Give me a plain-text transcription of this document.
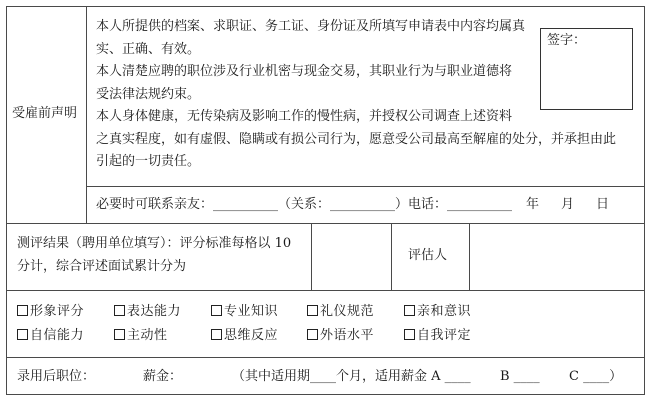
受雇前声明
本人所提供的档案、求职证、务工证、身份证及所填写申请表中内容均属真
实、正确、有效。
本人清楚应聘的职位涉及行业机密与现金交易，其职业行为与职业道德将
受法律法规约束。
本人身体健康，无传染病及影响工作的慢性病，并授权公司调查上述资料
之真实程度，如有虚假、隐瞒或有损公司行为，愿意受公司最高至解雇的处分，并承担由此
引起的一切责任。
签字：
必要时可联系亲友：__________（关系：__________）电话：__________ 年 月 日
测评结果（聘用单位填写）：评分标准每格以 10
分计，综合评述面试累计分为
评估人
形象评分	表达能力	专业知识	礼仪规范	亲和意识
自信能力	主动性	思维反应	外语水平	自我评定
录用后职位：	薪金：	（其中适用期____个月，适用薪金 A ____ B ____ C ____）
